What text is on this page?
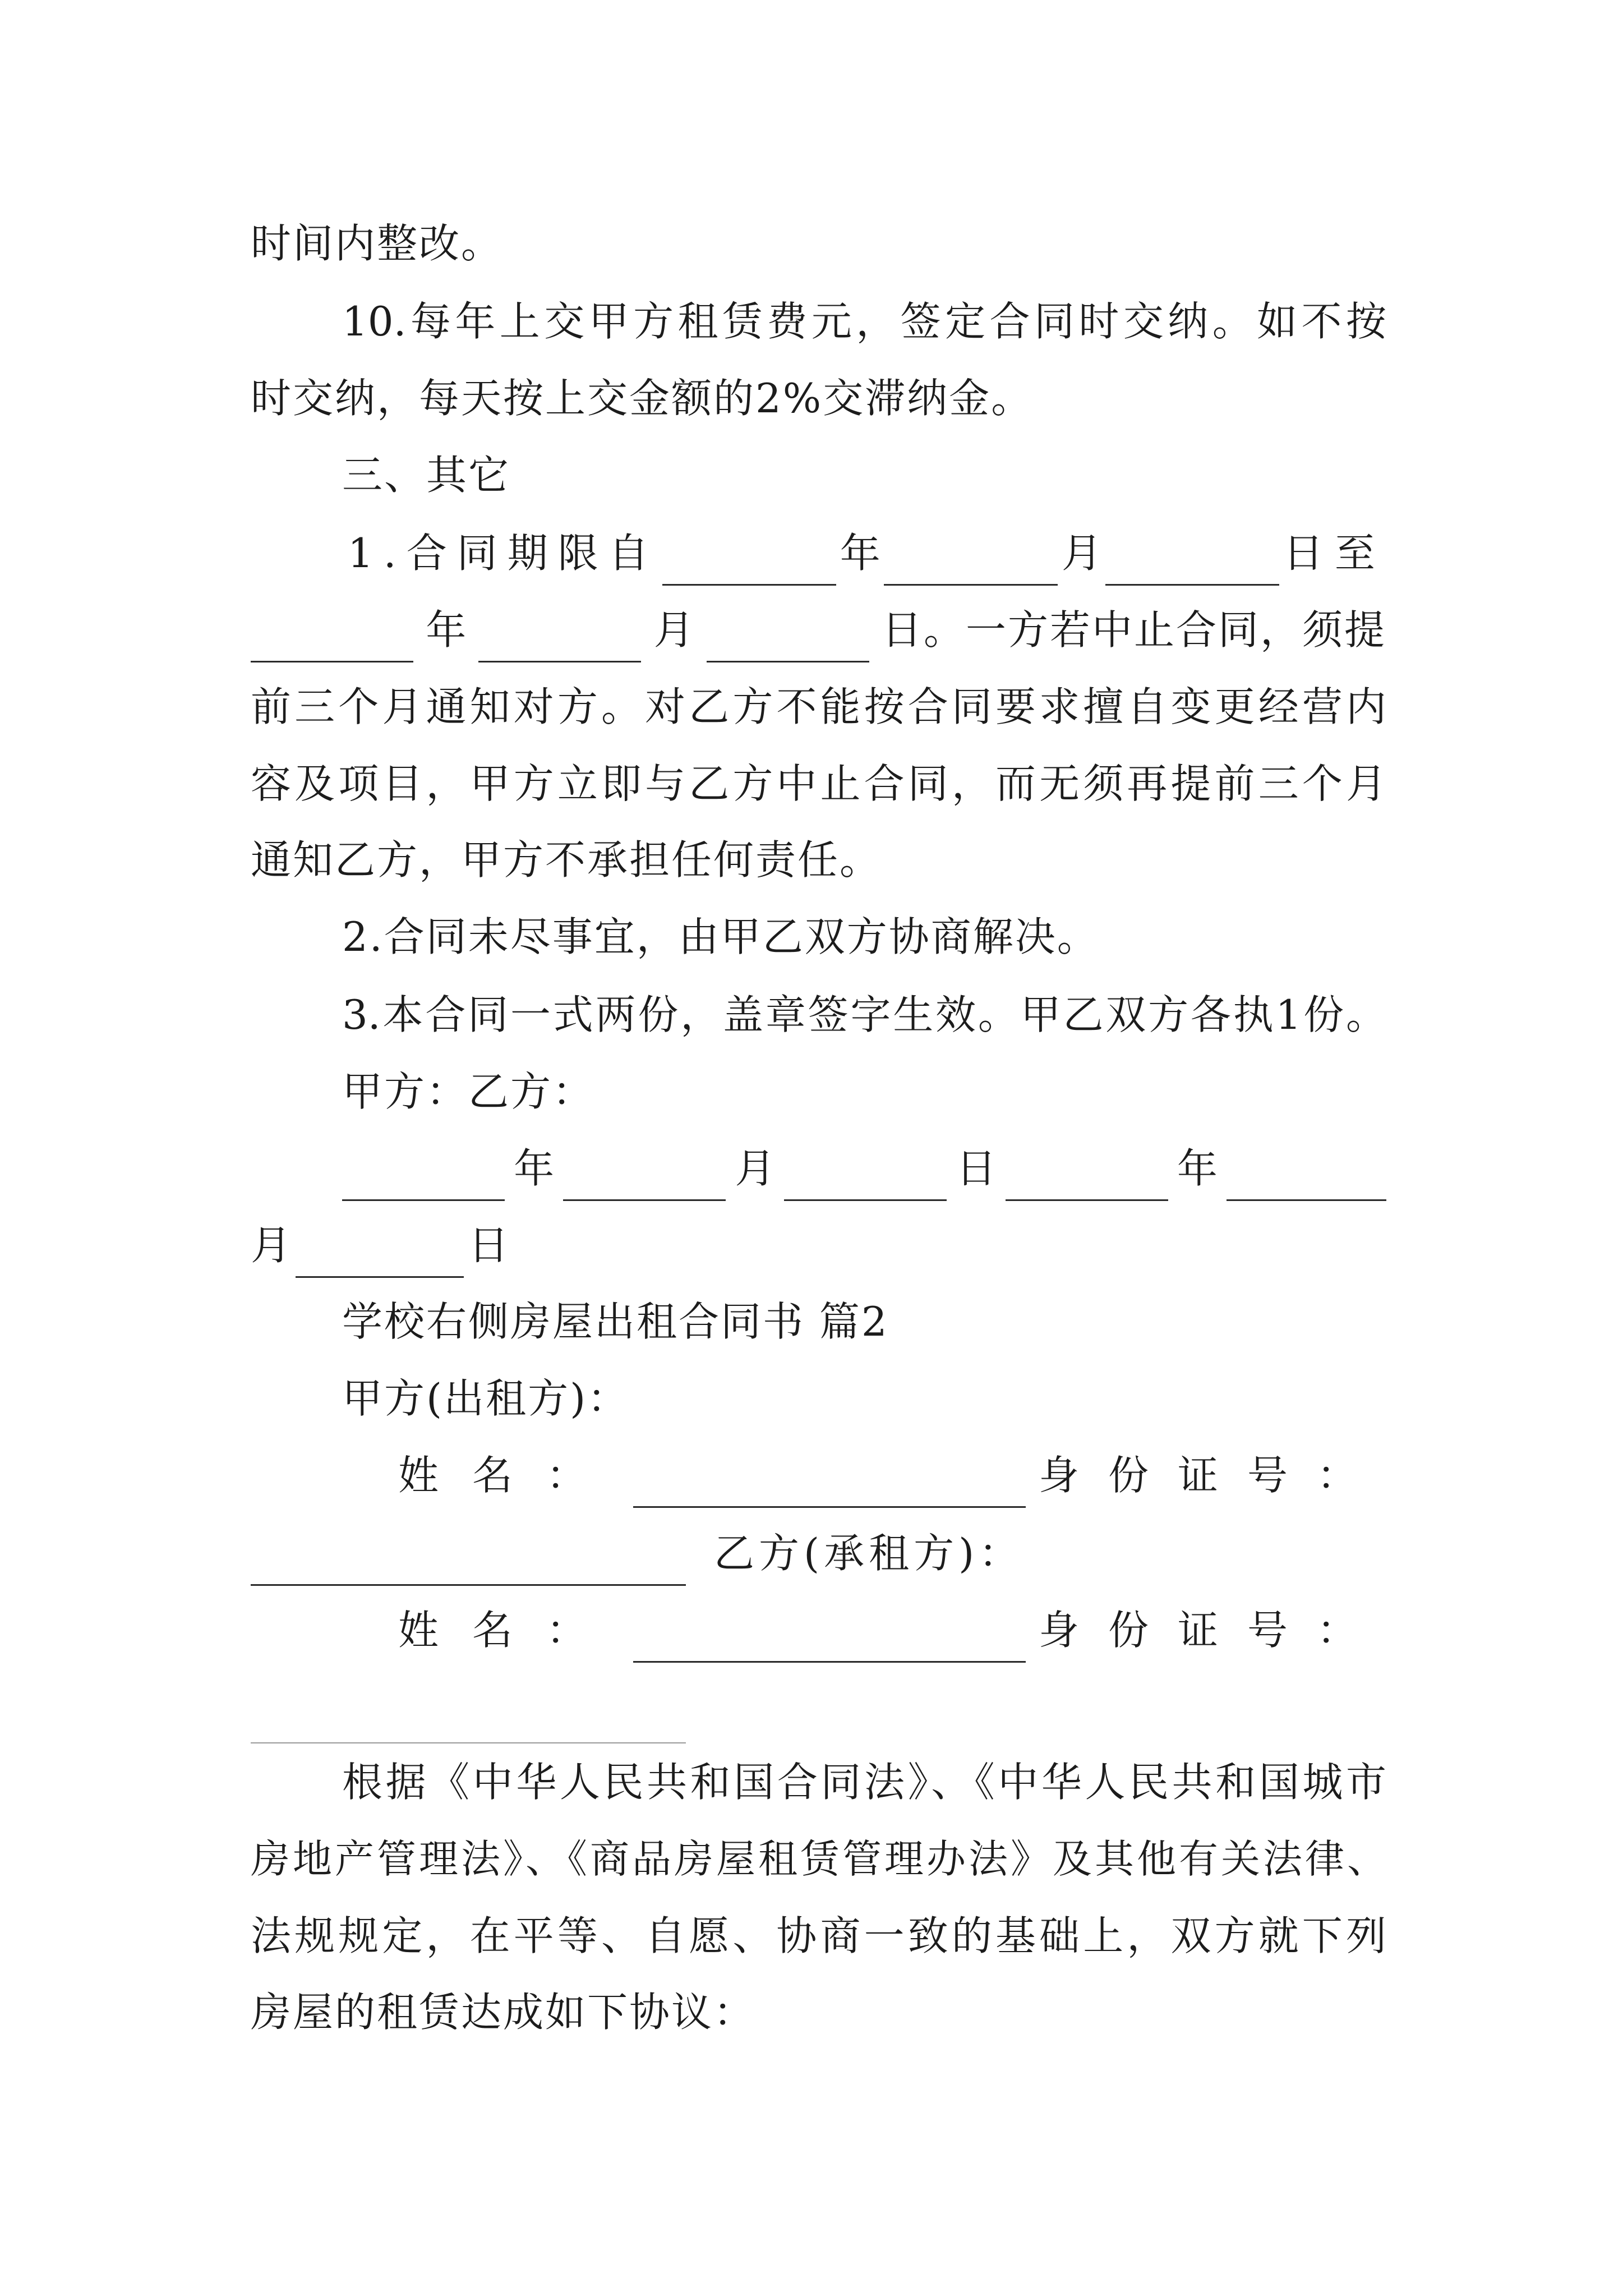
时间内整改。
10.每年上交甲方租赁费元，签定合同时交纳。如不按
时交纳，每天按上交金额的2%交滞纳金。
三、其它
1.合同期限自	年	月	日至
年	月	日。一方若中止合同，须提
前三个月通知对方。对乙方不能按合同要求擅自变更经营内
容及项目，甲方立即与乙方中止合同，而无须再提前三个月
通知乙方，甲方不承担任何责任。
2.合同未尽事宜，由甲乙双方协商解决。
3.本合同一式两份，盖章签字生效。甲乙双方各执1份。
甲方：乙方：
年	月	日	年
月	日
学校右侧房屋出租合同书 篇2
甲方(出租方)：
姓名：	身份证号：
乙方(承租方)：
姓名：	身份证号：
根据《中华人民共和国合同法》、《中华人民共和国城市
房地产管理法》、《商品房屋租赁管理办法》及其他有关法律、
法规规定，在平等、自愿、协商一致的基础上，双方就下列
房屋的租赁达成如下协议：
